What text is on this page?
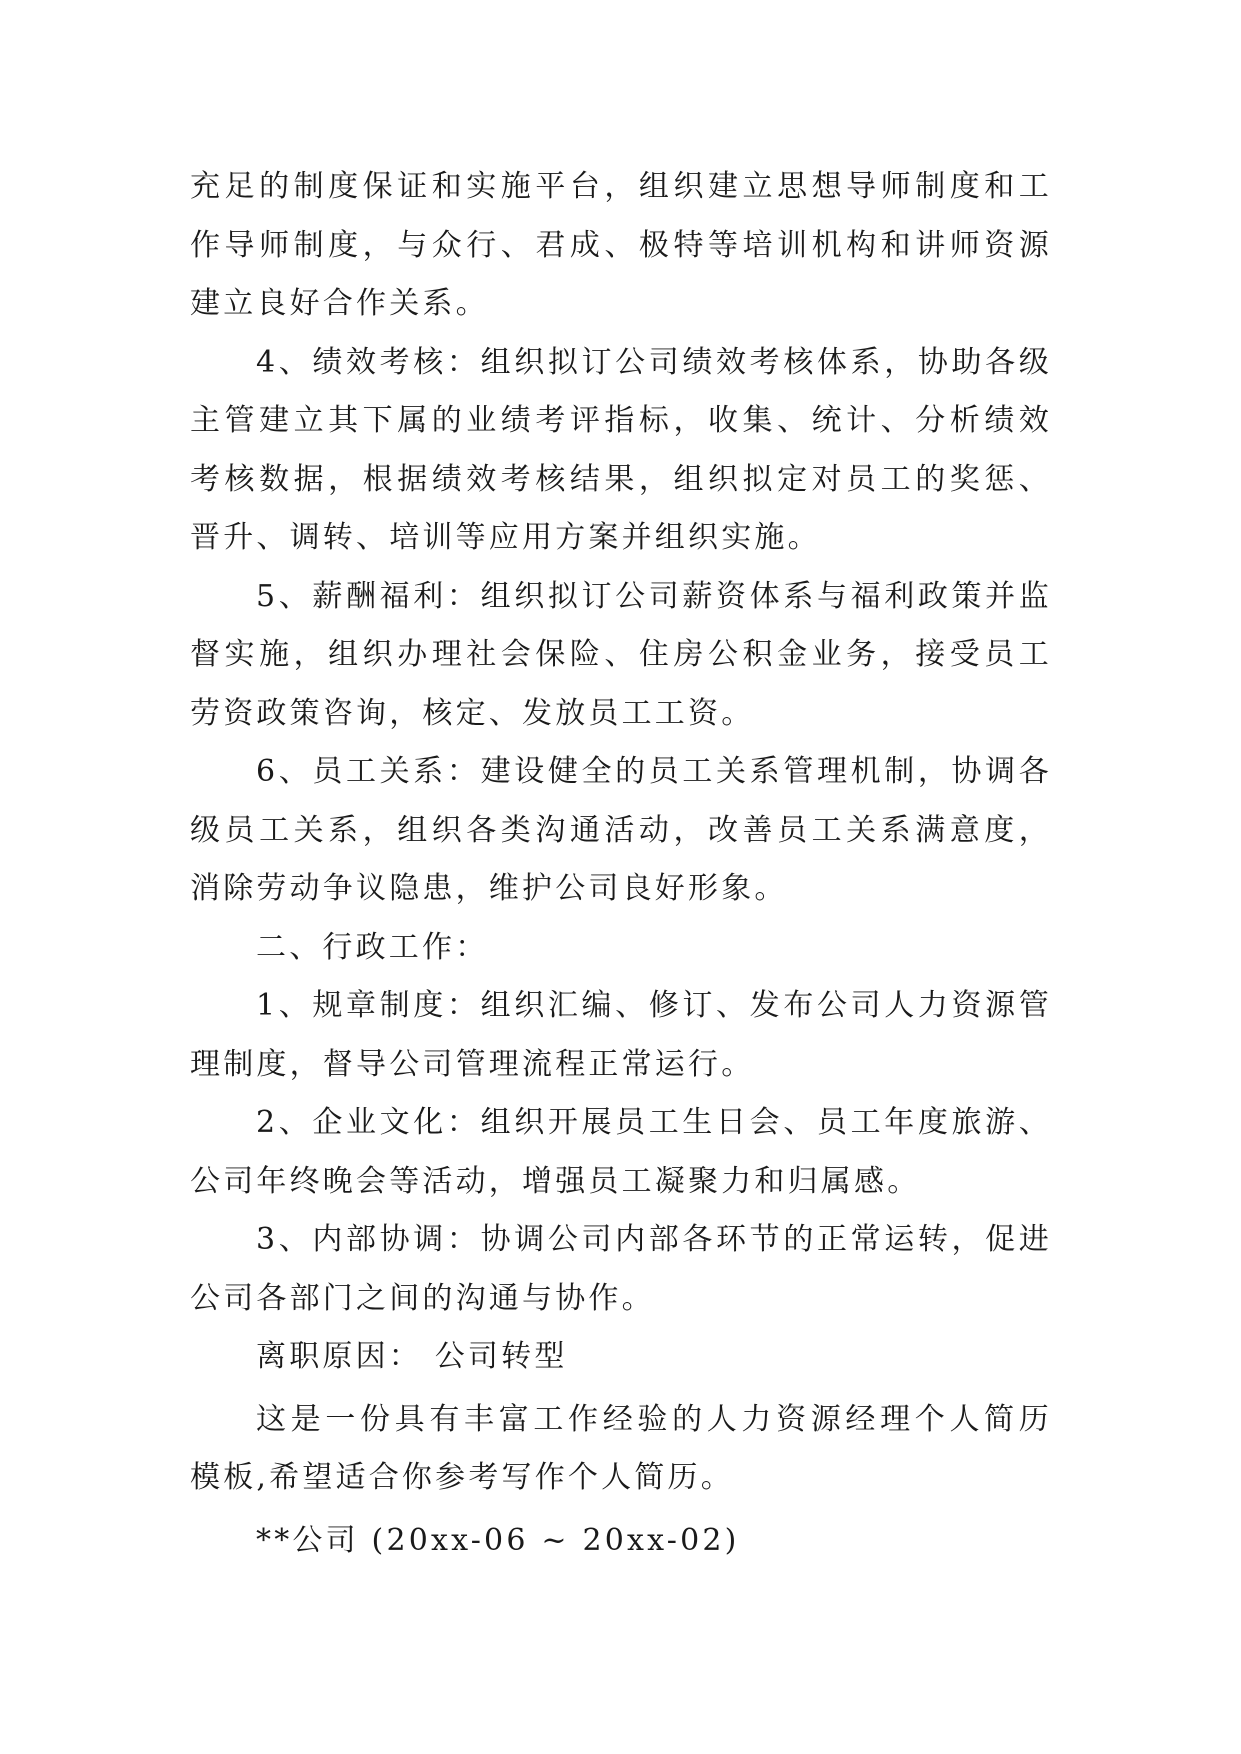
充足的制度保证和实施平台，组织建立思想导师制度和工作导师制度，与众行、君成、极特等培训机构和讲师资源建立良好合作关系。

4、绩效考核：组织拟订公司绩效考核体系，协助各级主管建立其下属的业绩考评指标，收集、统计、分析绩效考核数据，根据绩效考核结果，组织拟定对员工的奖惩、晋升、调转、培训等应用方案并组织实施。

5、薪酬福利：组织拟订公司薪资体系与福利政策并监督实施，组织办理社会保险、住房公积金业务，接受员工劳资政策咨询，核定、发放员工工资。

6、员工关系：建设健全的员工关系管理机制，协调各级员工关系，组织各类沟通活动，改善员工关系满意度，消除劳动争议隐患，维护公司良好形象。

二、行政工作：

1、规章制度：组织汇编、修订、发布公司人力资源管理制度，督导公司管理流程正常运行。

2、企业文化：组织开展员工生日会、员工年度旅游、公司年终晚会等活动，增强员工凝聚力和归属感。

3、内部协调：协调公司内部各环节的正常运转，促进公司各部门之间的沟通与协作。

离职原因： 公司转型

这是一份具有丰富工作经验的人力资源经理个人简历模板,希望适合你参考写作个人简历。

**公司 (20xx-06 ~ 20xx-02)
